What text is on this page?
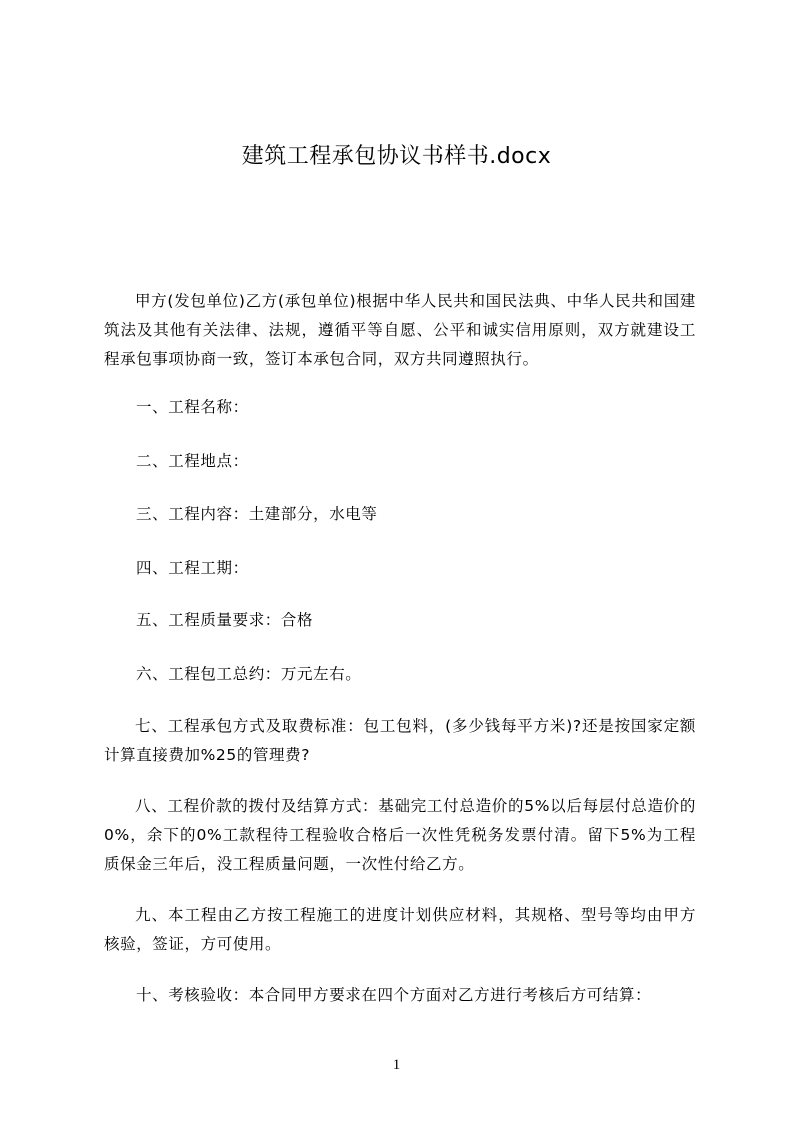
建筑工程承包协议书样书.docx
甲方(发包单位)乙方(承包单位)根据中华人民共和国民法典、中华人民共和国建筑法及其他有关法律、法规，遵循平等自愿、公平和诚实信用原则，双方就建设工程承包事项协商一致，签订本承包合同，双方共同遵照执行。
一、工程名称：
二、工程地点：
三、工程内容：土建部分，水电等
四、工程工期：
五、工程质量要求：合格
六、工程包工总约：万元左右。
七、工程承包方式及取费标准：包工包料，(多少钱每平方米)?还是按国家定额计算直接费加%25的管理费?
八、工程价款的拨付及结算方式：基础完工付总造价的5%以后每层付总造价的0%，余下的0%工款程待工程验收合格后一次性凭税务发票付清。留下5%为工程质保金三年后，没工程质量问题，一次性付给乙方。
九、本工程由乙方按工程施工的进度计划供应材料，其规格、型号等均由甲方核验，签证，方可使用。
十、考核验收：本合同甲方要求在四个方面对乙方进行考核后方可结算：
1
